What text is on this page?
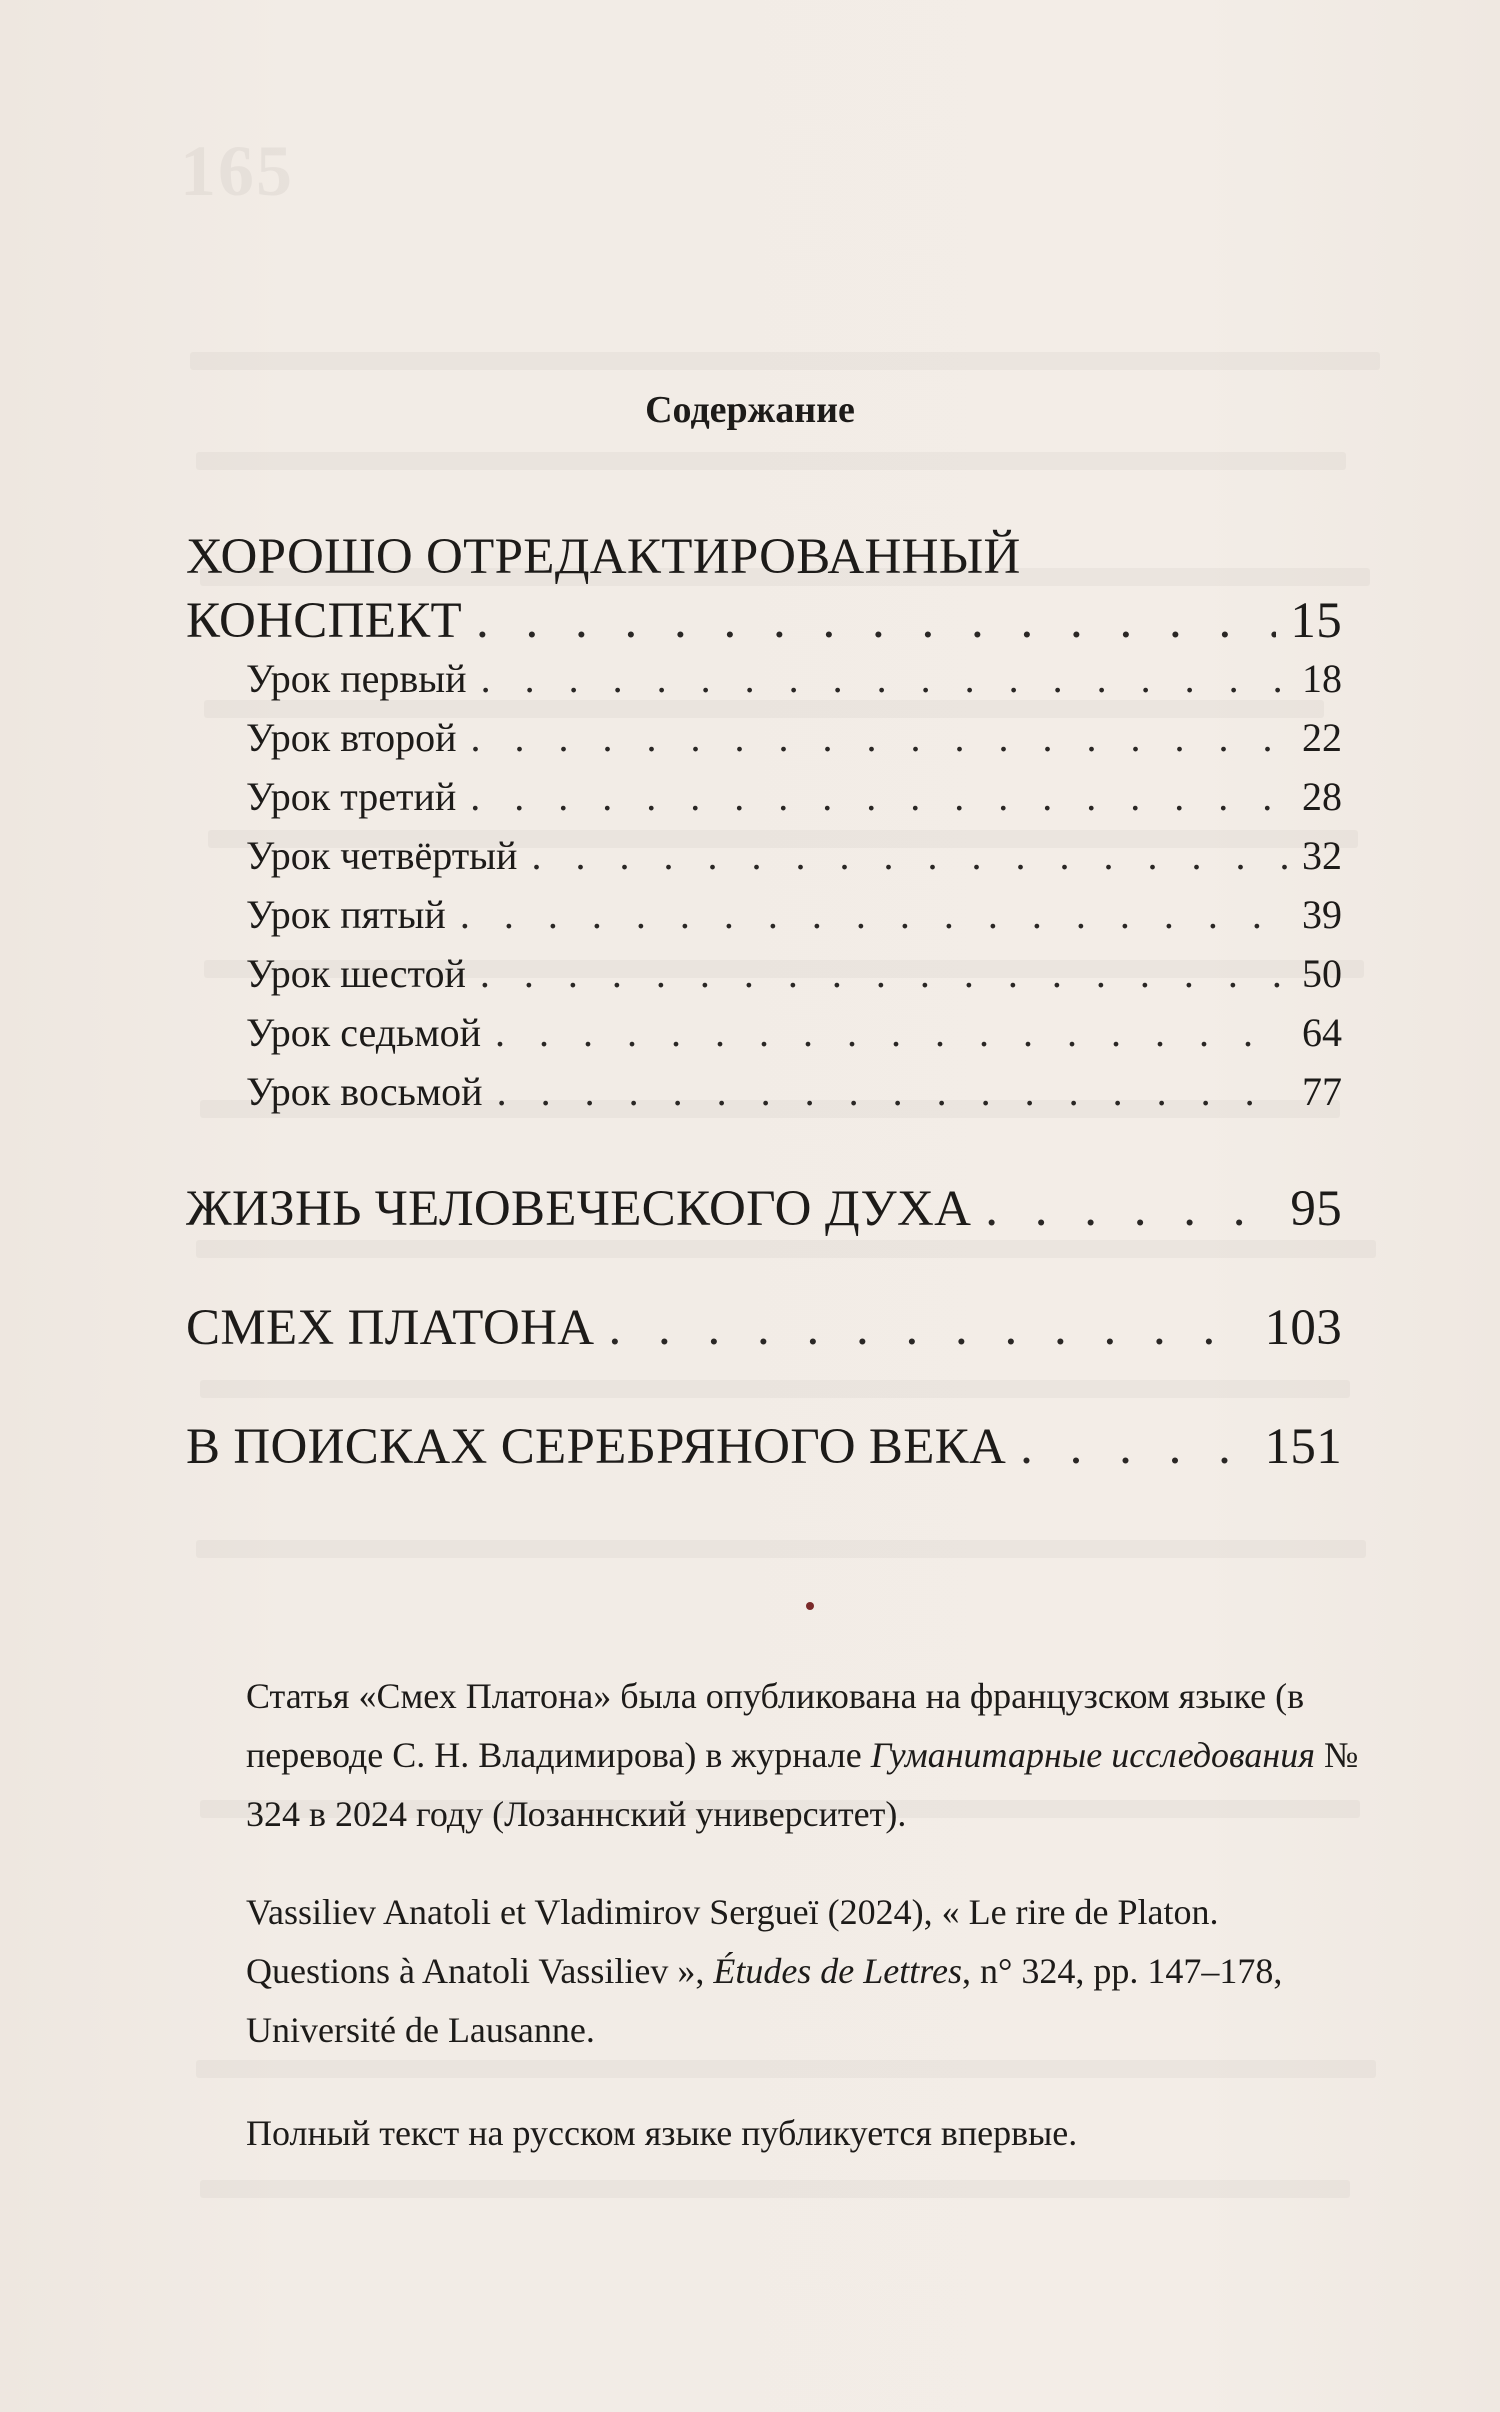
165
Содержание
ХОРОШО ОТРЕДАКТИРОВАННЫЙ
КОНСПЕКТ . . .	15
Урок первый . . .	18
Урок второй . . .	22
Урок третий . . .	28
Урок четвёртый . . .	32
Урок пятый . . .	39
Урок шестой . . .	50
Урок седьмой . . .	64
Урок восьмой . . .	77
ЖИЗНЬ ЧЕЛОВЕЧЕСКОГО ДУХА . . .	95
СМЕХ ПЛАТОНА . . .	103
В ПОИСКАХ СЕРЕБРЯНОГО ВЕКА . . .	151
Статья «Смех Платона» была опубликована на французском языке (в переводе С. Н. Владимирова) в журнале Гуманитарные исследования № 324 в 2024 году (Лозаннский университет).
Vassiliev Anatoli et Vladimirov Sergueï (2024), « Le rire de Platon. Questions à Anatoli Vassiliev », Études de Lettres, n° 324, pp. 147–178, Université de Lausanne.
Полный текст на русском языке публикуется впервые.
